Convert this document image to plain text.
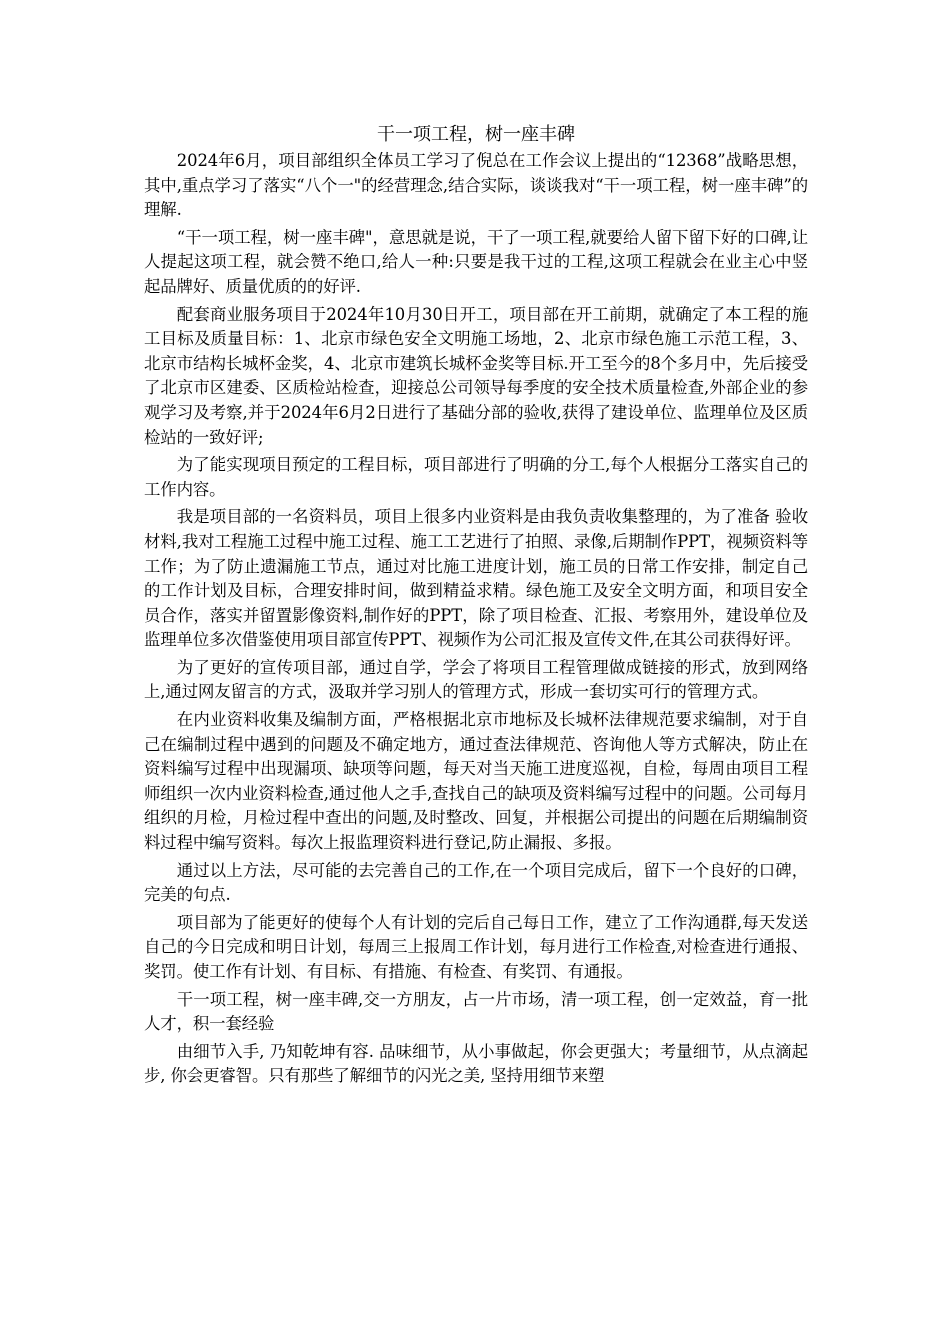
干一项工程，树一座丰碑

2024年6月，项目部组织全体员工学习了倪总在工作会议上提出的“12368”战略思想，其中,重点学习了落实“八个一"的经营理念,结合实际，谈谈我对“干一项工程，树一座丰碑”的理解.

“干一项工程，树一座丰碑"，意思就是说，干了一项工程,就要给人留下留下好的口碑,让人提起这项工程，就会赞不绝口,给人一种:只要是我干过的工程,这项工程就会在业主心中竖起品牌好、质量优质的的好评.

配套商业服务项目于2024年10月30日开工，项目部在开工前期，就确定了本工程的施工目标及质量目标：1、北京市绿色安全文明施工场地，2、北京市绿色施工示范工程，3、北京市结构长城杯金奖，4、北京市建筑长城杯金奖等目标.开工至今的8个多月中，先后接受了北京市区建委、区质检站检查，迎接总公司领导每季度的安全技术质量检查,外部企业的参观学习及考察,并于2024年6月2日进行了基础分部的验收,获得了建设单位、监理单位及区质检站的一致好评;

为了能实现项目预定的工程目标，项目部进行了明确的分工,每个人根据分工落实自己的工作内容。

我是项目部的一名资料员，项目上很多内业资料是由我负责收集整理的，为了准备 验收材料,我对工程施工过程中施工过程、施工工艺进行了拍照、录像,后期制作PPT，视频资料等工作；为了防止遗漏施工节点，通过对比施工进度计划，施工员的日常工作安排，制定自己的工作计划及目标，合理安排时间，做到精益求精。绿色施工及安全文明方面，和项目安全员合作，落实并留置影像资料,制作好的PPT，除了项目检查、汇报、考察用外，建设单位及监理单位多次借鉴使用项目部宣传PPT、视频作为公司汇报及宣传文件,在其公司获得好评。

为了更好的宣传项目部，通过自学，学会了将项目工程管理做成链接的形式，放到网络上,通过网友留言的方式，汲取并学习别人的管理方式，形成一套切实可行的管理方式。

在内业资料收集及编制方面，严格根据北京市地标及长城杯法律规范要求编制，对于自己在编制过程中遇到的问题及不确定地方，通过查法律规范、咨询他人等方式解决，防止在资料编写过程中出现漏项、缺项等问题，每天对当天施工进度巡视，自检，每周由项目工程师组织一次内业资料检查,通过他人之手,查找自己的缺项及资料编写过程中的问题。公司每月组织的月检，月检过程中查出的问题,及时整改、回复，并根据公司提出的问题在后期编制资料过程中编写资料。每次上报监理资料进行登记,防止漏报、多报。

通过以上方法，尽可能的去完善自己的工作,在一个项目完成后，留下一个良好的口碑，完美的句点.

项目部为了能更好的使每个人有计划的完后自己每日工作，建立了工作沟通群,每天发送自己的今日完成和明日计划，每周三上报周工作计划，每月进行工作检查,对检查进行通报、奖罚。使工作有计划、有目标、有措施、有检查、有奖罚、有通报。

干一项工程，树一座丰碑,交一方朋友，占一片市场，清一项工程，创一定效益，育一批人才，积一套经验

由细节入手, 乃知乾坤有容. 品味细节，从小事做起，你会更强大；考量细节，从点滴起步, 你会更睿智。只有那些了解细节的闪光之美, 坚持用细节来塑
